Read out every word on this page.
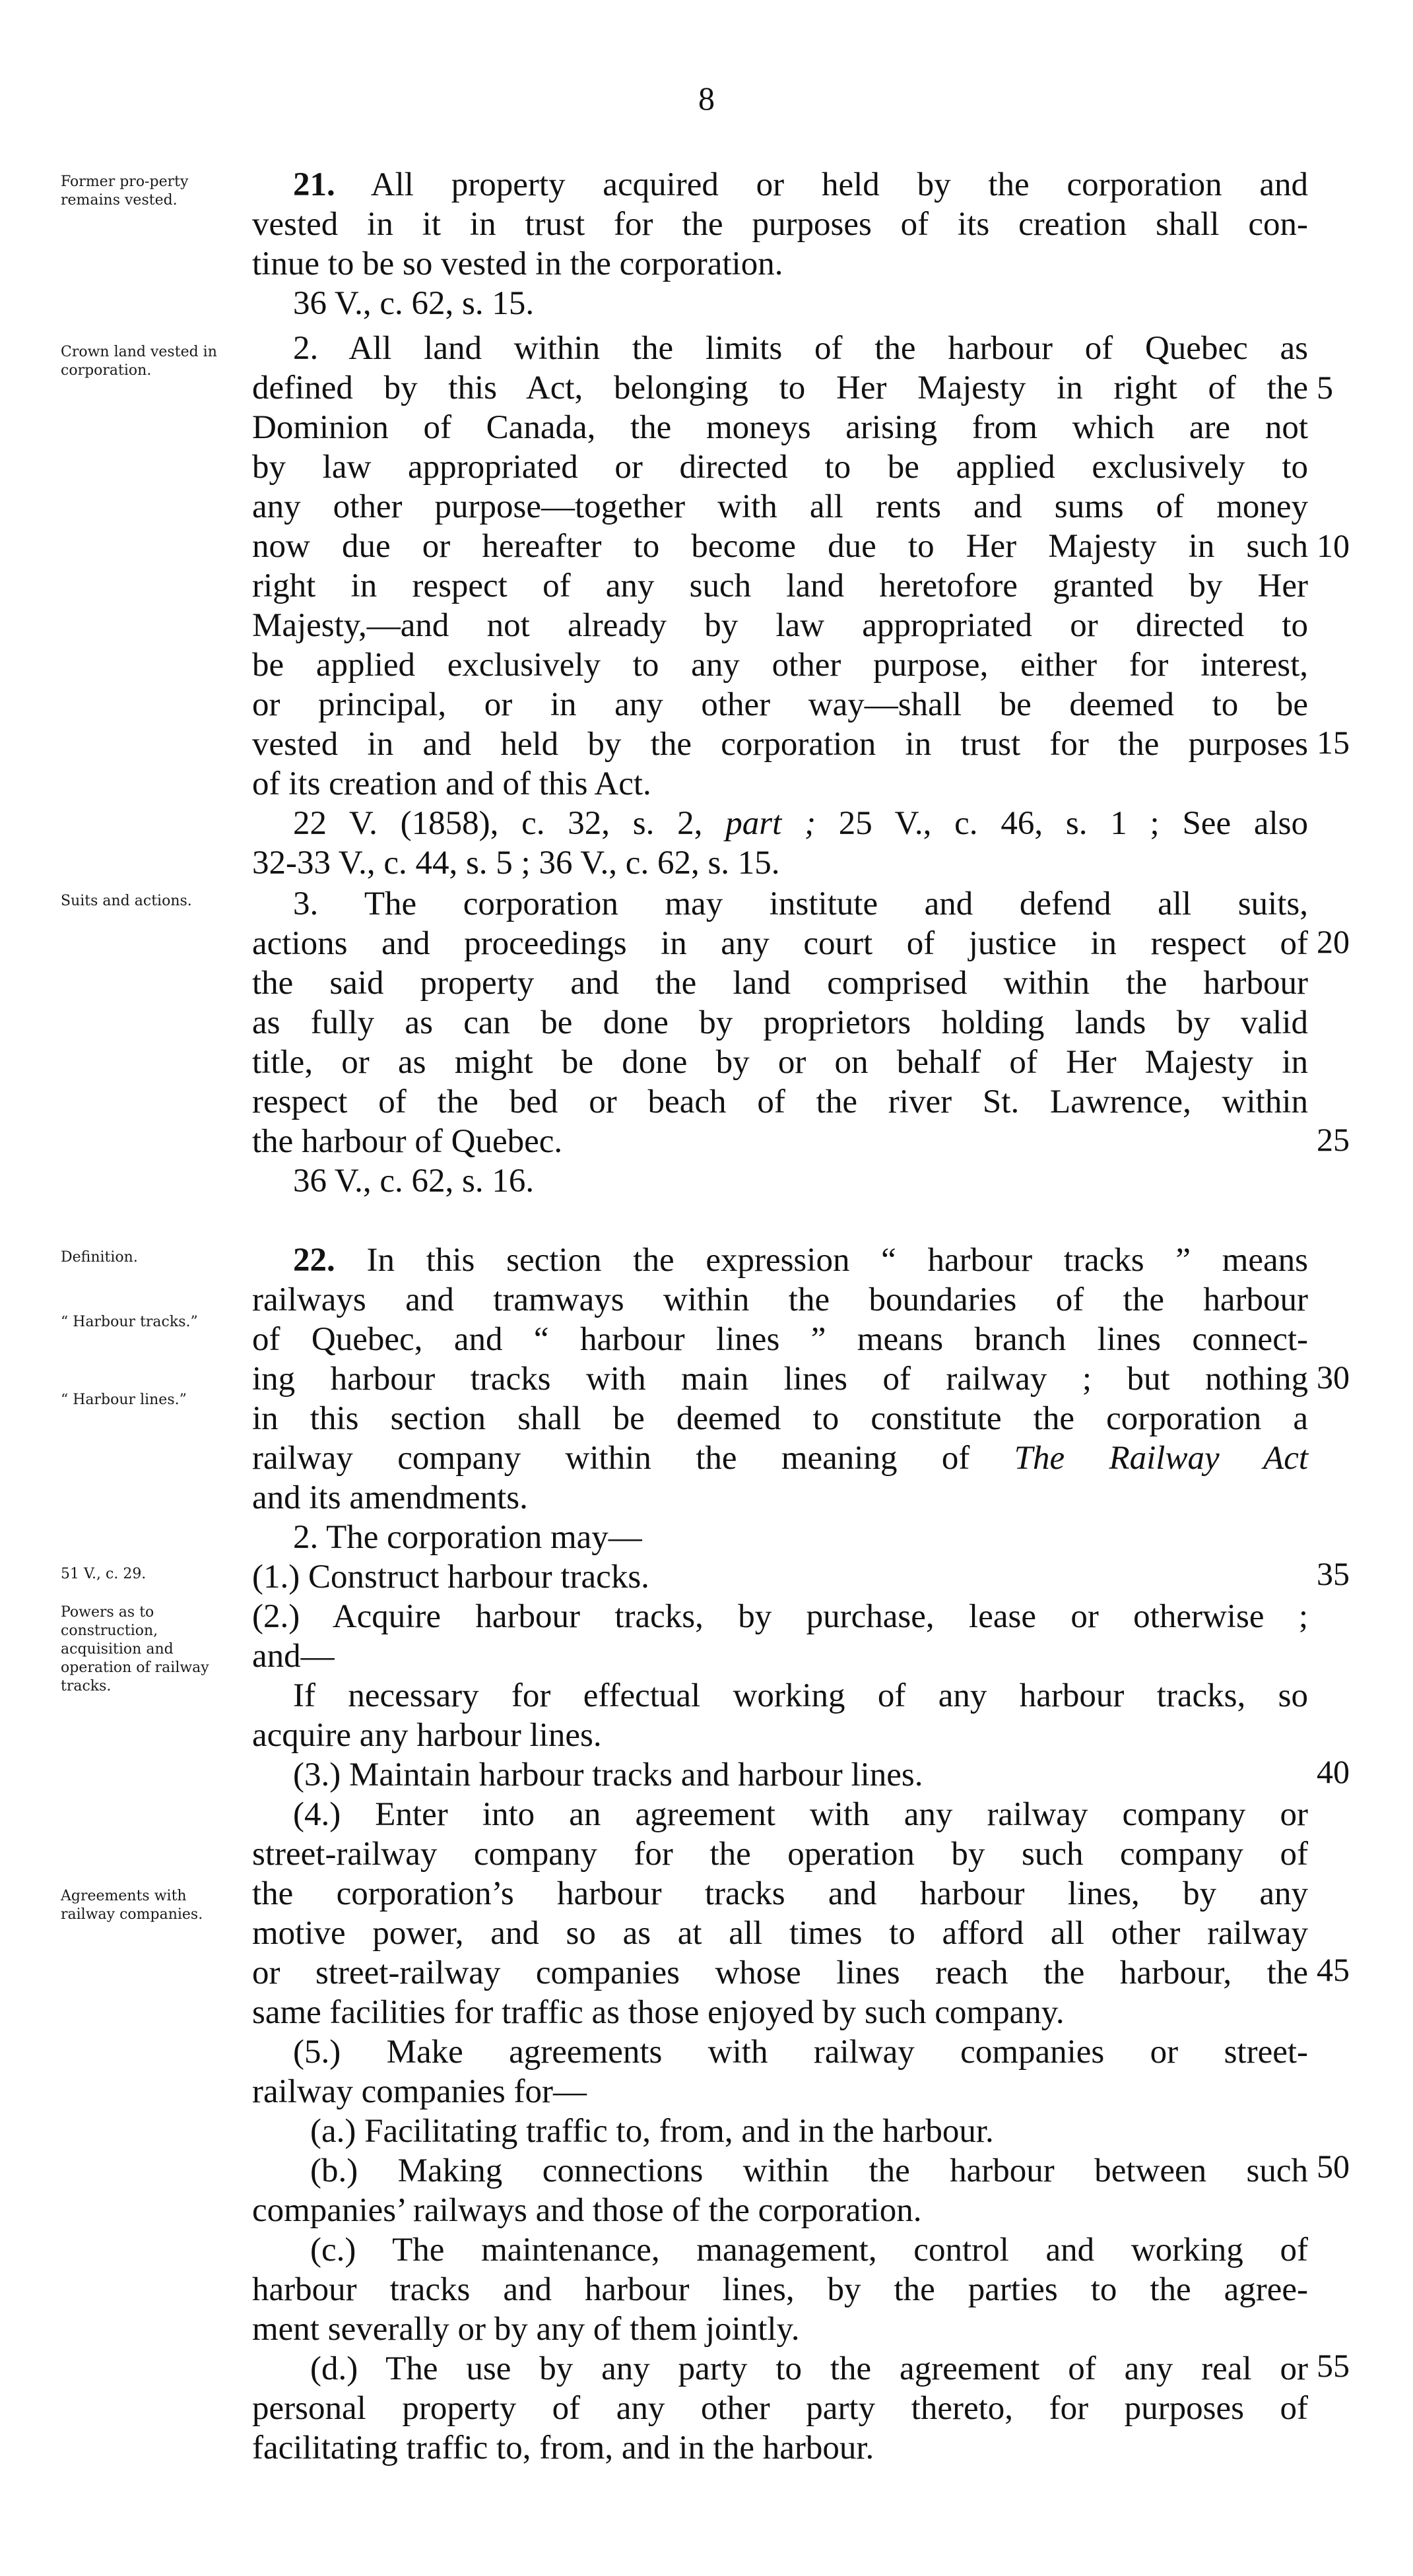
8
Former pro-perty remains vested.
Crown land vested in corporation.
Suits and actions.
Definition.
“ Harbour tracks.”
“ Harbour lines.”
51 V., c. 29.
Powers as to construction, acquisition and operation of railway tracks.
Agreements with railway companies.
5
10
15
20
25
30
35
40
45
50
55
21. All property acquired or held by the corporation and
vested in it in trust for the purposes of its creation shall con-
tinue to be so vested in the corporation.
36 V., c. 62, s. 15.
2. All land within the limits of the harbour of Quebec as
defined by this Act, belonging to Her Majesty in right of the
Dominion of Canada, the moneys arising from which are not
by law appropriated or directed to be applied exclusively to
any other purpose—together with all rents and sums of money
now due or hereafter to become due to Her Majesty in such
right in respect of any such land heretofore granted by Her
Majesty,—and not already by law appropriated or directed to
be applied exclusively to any other purpose, either for interest,
or principal, or in any other way—shall be deemed to be
vested in and held by the corporation in trust for the purposes
of its creation and of this Act.
22 V. (1858), c. 32, s. 2, part ; 25 V., c. 46, s. 1 ; See also
32-33 V., c. 44, s. 5 ; 36 V., c. 62, s. 15.
3. The corporation may institute and defend all suits,
actions and proceedings in any court of justice in respect of
the said property and the land comprised within the harbour
as fully as can be done by proprietors holding lands by valid
title, or as might be done by or on behalf of Her Majesty in
respect of the bed or beach of the river St. Lawrence, within
the harbour of Quebec.
36 V., c. 62, s. 16.
22. In this section the expression “ harbour tracks ” means
railways and tramways within the boundaries of the harbour
of Quebec, and “ harbour lines ” means branch lines connect-
ing harbour tracks with main lines of railway ; but nothing
in this section shall be deemed to constitute the corporation a
railway company within the meaning of The Railway Act
and its amendments.
2. The corporation may—
(1.) Construct harbour tracks.
(2.) Acquire harbour tracks, by purchase, lease or otherwise ;
and—
If necessary for effectual working of any harbour tracks, so
acquire any harbour lines.
(3.) Maintain harbour tracks and harbour lines.
(4.) Enter into an agreement with any railway company or
street-railway company for the operation by such company of
the corporation’s harbour tracks and harbour lines, by any
motive power, and so as at all times to afford all other railway
or street-railway companies whose lines reach the harbour, the
same facilities for traffic as those enjoyed by such company.
(5.) Make agreements with railway companies or street-
railway companies for—
(a.) Facilitating traffic to, from, and in the harbour.
(b.) Making connections within the harbour between such
companies’ railways and those of the corporation.
(c.) The maintenance, management, control and working of
harbour tracks and harbour lines, by the parties to the agree-
ment severally or by any of them jointly.
(d.) The use by any party to the agreement of any real or
personal property of any other party thereto, for purposes of
facilitating traffic to, from, and in the harbour.
